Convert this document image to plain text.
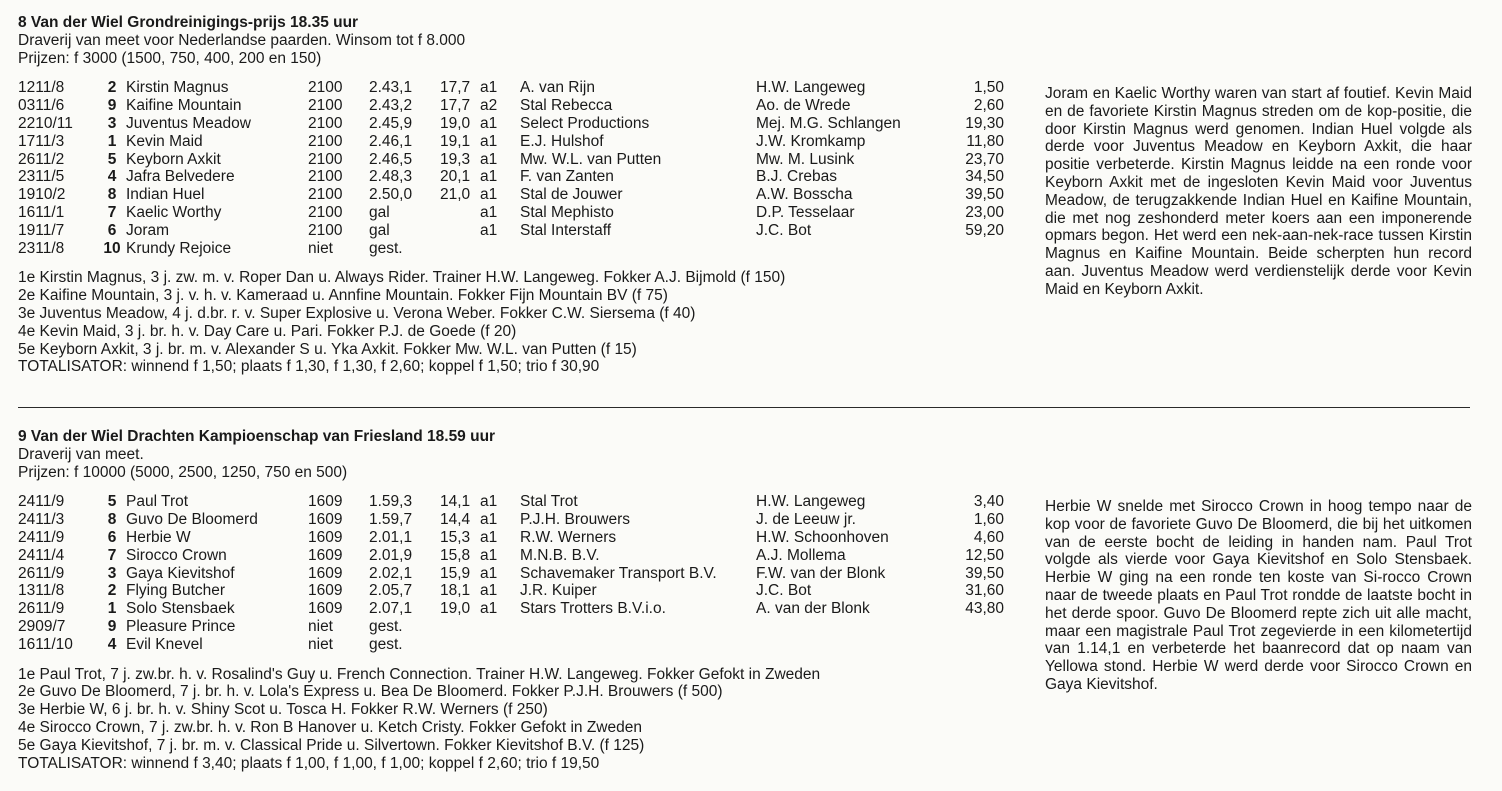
8 Van der Wiel Grondreinigings-prijs 18.35 uur
Draverij van meet voor Nederlandse paarden. Winsom tot f 8.000
Prijzen: f 3000 (1500, 750, 400, 200 en 150)
1211/8	2 Kirstin Magnus	2100 2.43,1 17,7 a1 A. van Rijn	H.W. Langeweg	1,50
0311/6	9 Kaifine Mountain	2100 2.43,2 17,7 a2 Stal Rebecca	Ao. de Wrede	2,60
2210/11	3 Juventus Meadow	2100 2.45,9 19,0 a1 Select Productions	Mej. M.G. Schlangen	19,30
1711/3	1 Kevin Maid	2100 2.46,1 19,1 a1 E.J. Hulshof	J.W. Kromkamp	11,80
2611/2	5 Keyborn Axkit	2100 2.46,5 19,3 a1 Mw. W.L. van Putten	Mw. M. Lusink	23,70
2311/5	4 Jafra Belvedere	2100 2.48,3 20,1 a1 F. van Zanten	B.J. Crebas	34,50
1910/2	8 Indian Huel	2100 2.50,0 21,0 a1 Stal de Jouwer	A.W. Bosscha	39,50
1611/1	7 Kaelic Worthy	2100 gal	a1 Stal Mephisto	D.P. Tesselaar	23,00
1911/7	6 Joram	2100 gal	a1 Stal Interstaff	J.C. Bot	59,20
2311/8	10 Krundy Rejoice	niet gest.
1e Kirstin Magnus, 3 j. zw. m. v. Roper Dan u. Always Rider. Trainer H.W. Langeweg. Fokker A.J. Bijmold (f 150)
2e Kaifine Mountain, 3 j. v. h. v. Kameraad u. Annfine Mountain. Fokker Fijn Mountain BV (f 75)
3e Juventus Meadow, 4 j. d.br. r. v. Super Explosive u. Verona Weber. Fokker C.W. Siersema (f 40)
4e Kevin Maid, 3 j. br. h. v. Day Care u. Pari. Fokker P.J. de Goede (f 20)
5e Keyborn Axkit, 3 j. br. m. v. Alexander S u. Yka Axkit. Fokker Mw. W.L. van Putten (f 15)
TOTALISATOR: winnend f 1,50; plaats f 1,30, f 1,30, f 2,60; koppel f 1,50; trio f 30,90
Joram en Kaelic Worthy waren van start af foutief. Kevin Maid en de favoriete Kirstin Magnus streden om de kop-positie, die door Kirstin Magnus werd genomen. Indian Huel volgde als derde voor Juventus Meadow en Keyborn Axkit, die haar positie verbeterde. Kirstin Magnus leidde na een ronde voor Keyborn Axkit met de ingesloten Kevin Maid voor Juventus Meadow, de terugzakkende Indian Huel en Kaifine Mountain, die met nog zeshonderd meter koers aan een imponerende opmars begon. Het werd een nek-aan-nek-race tussen Kirstin Magnus en Kaifine Mountain. Beide scherpten hun record aan. Juventus Meadow werd verdienstelijk derde voor Kevin Maid en Keyborn Axkit.
9 Van der Wiel Drachten Kampioenschap van Friesland 18.59 uur
Draverij van meet.
Prijzen: f 10000 (5000, 2500, 1250, 750 en 500)
2411/9	5 Paul Trot	1609 1.59,3 14,1 a1 Stal Trot	H.W. Langeweg	3,40
2411/3	8 Guvo De Bloomerd	1609 1.59,7 14,4 a1 P.J.H. Brouwers	J. de Leeuw jr.	1,60
2411/9	6 Herbie W	1609 2.01,1 15,3 a1 R.W. Werners	H.W. Schoonhoven	4,60
2411/4	7 Sirocco Crown	1609 2.01,9 15,8 a1 M.N.B. B.V.	A.J. Mollema	12,50
2611/9	3 Gaya Kievitshof	1609 2.02,1 15,9 a1 Schavemaker Transport B.V.	F.W. van der Blonk	39,50
1311/8	2 Flying Butcher	1609 2.05,7 18,1 a1 J.R. Kuiper	J.C. Bot	31,60
2611/9	1 Solo Stensbaek	1609 2.07,1 19,0 a1 Stars Trotters B.V.i.o.	A. van der Blonk	43,80
2909/7	9 Pleasure Prince	niet gest.
1611/10	4 Evil Knevel	niet gest.
1e Paul Trot, 7 j. zw.br. h. v. Rosalind's Guy u. French Connection. Trainer H.W. Langeweg. Fokker Gefokt in Zweden
2e Guvo De Bloomerd, 7 j. br. h. v. Lola's Express u. Bea De Bloomerd. Fokker P.J.H. Brouwers (f 500)
3e Herbie W, 6 j. br. h. v. Shiny Scot u. Tosca H. Fokker R.W. Werners (f 250)
4e Sirocco Crown, 7 j. zw.br. h. v. Ron B Hanover u. Ketch Cristy. Fokker Gefokt in Zweden
5e Gaya Kievitshof, 7 j. br. m. v. Classical Pride u. Silvertown. Fokker Kievitshof B.V. (f 125)
TOTALISATOR: winnend f 3,40; plaats f 1,00, f 1,00, f 1,00; koppel f 2,60; trio f 19,50
Herbie W snelde met Sirocco Crown in hoog tempo naar de kop voor de favoriete Guvo De Bloomerd, die bij het uitkomen van de eerste bocht de leiding in handen nam. Paul Trot volgde als vierde voor Gaya Kievitshof en Solo Stensbaek. Herbie W ging na een ronde ten koste van Si-rocco Crown naar de tweede plaats en Paul Trot rondde de laatste bocht in het derde spoor. Guvo De Bloomerd repte zich uit alle macht, maar een magistrale Paul Trot zegevierde in een kilometertijd van 1.14,1 en verbeterde het baanrecord dat op naam van Yellowa stond. Herbie W werd derde voor Sirocco Crown en Gaya Kievitshof.
